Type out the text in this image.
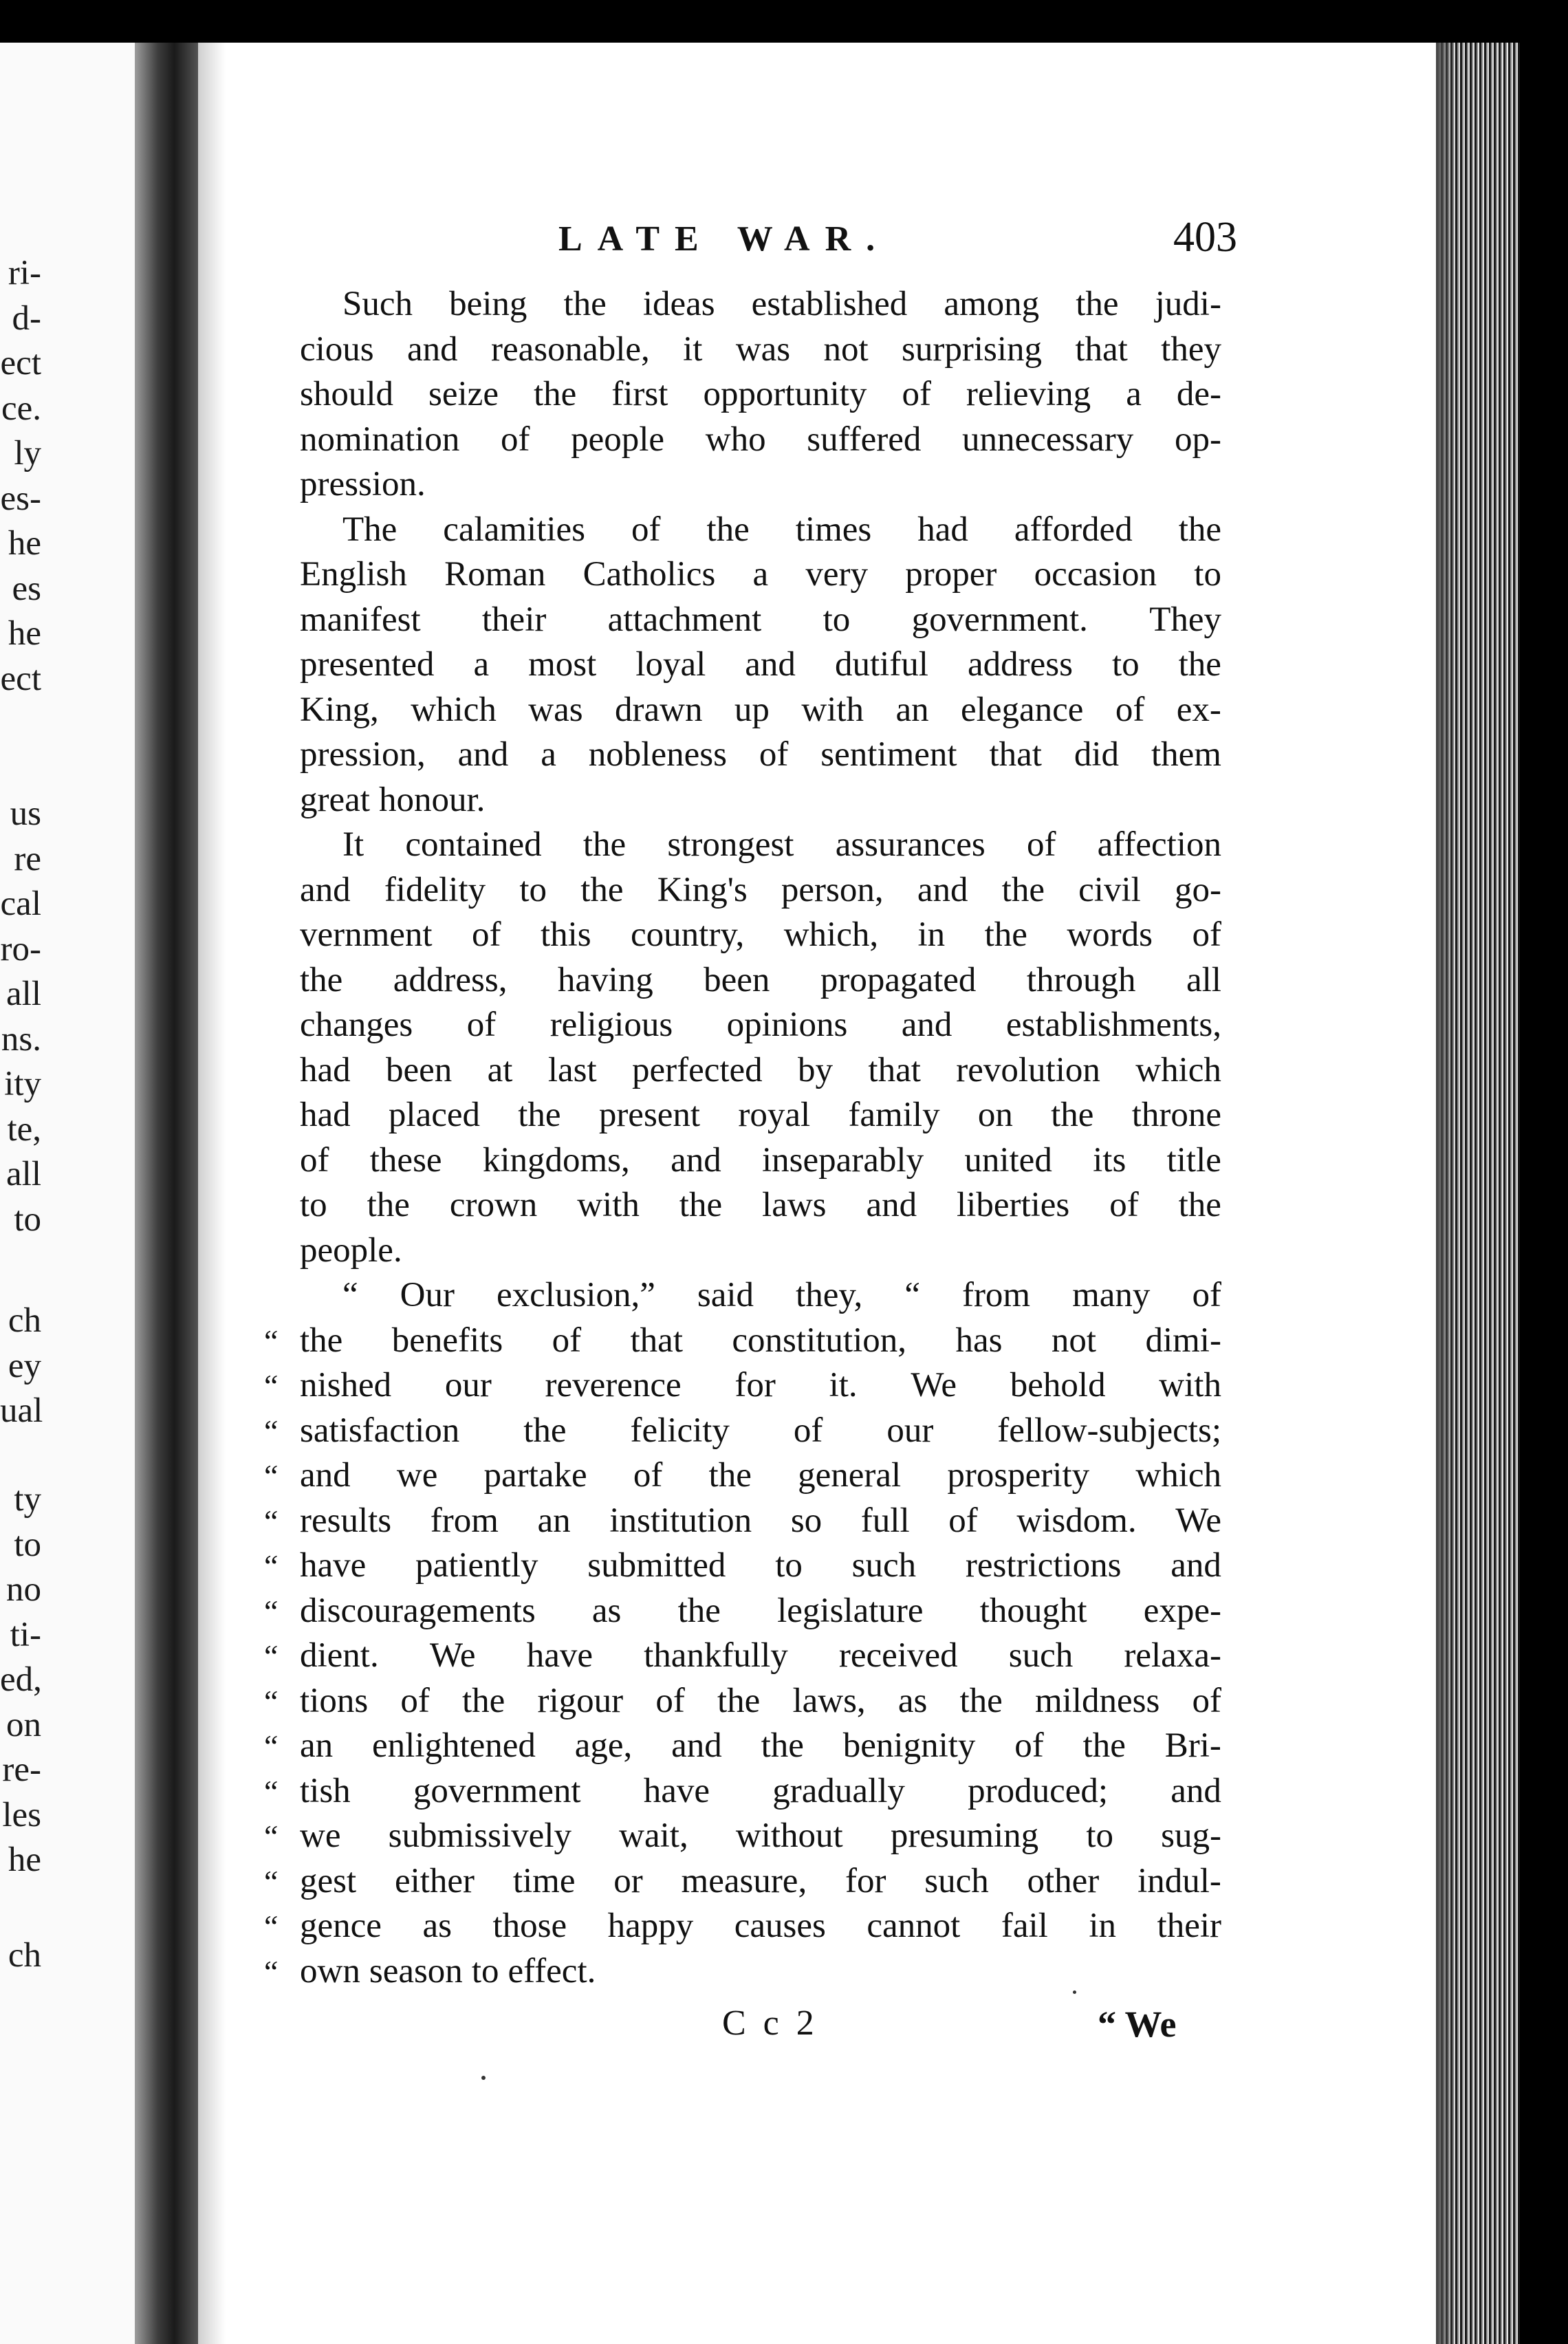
ri-
d-
ect
ce.
ly
es-
he
es
he
ect
us
re
cal
ro-
all
ns.
ity
te,
all
to
ch
ey
ual
ty
to
no
ti-
ed,
on
re-
les
he
ch
LATE WAR.	403
Such being the ideas established among the judi-
cious and reasonable, it was not surprising that they
should seize the first opportunity of relieving a de-
nomination of people who suffered unnecessary op-
pression.
The calamities of the times had afforded the
English Roman Catholics a very proper occasion to
manifest their attachment to government. They
presented a most loyal and dutiful address to the
King, which was drawn up with an elegance of ex-
pression, and a nobleness of sentiment that did them
great honour.
It contained the strongest assurances of affection
and fidelity to the King's person, and the civil go-
vernment of this country, which, in the words of
the address, having been propagated through all
changes of religious opinions and establishments,
had been at last perfected by that revolution which
had placed the present royal family on the throne
of these kingdoms, and inseparably united its title
to the crown with the laws and liberties of the
people.
“ Our exclusion,” said they, “ from many of
“ the benefits of that constitution, has not dimi-
“ nished our reverence for it. We behold with
“ satisfaction the felicity of our fellow-subjects;
“ and we partake of the general prosperity which
“ results from an institution so full of wisdom. We
“ have patiently submitted to such restrictions and
“ discouragements as the legislature thought expe-
“ dient. We have thankfully received such relaxa-
“ tions of the rigour of the laws, as the mildness of
“ an enlightened age, and the benignity of the Bri-
“ tish government have gradually produced; and
“ we submissively wait, without presuming to sug-
“ gest either time or measure, for such other indul-
“ gence as those happy causes cannot fail in their
“ own season to effect.
C c 2	“ We
